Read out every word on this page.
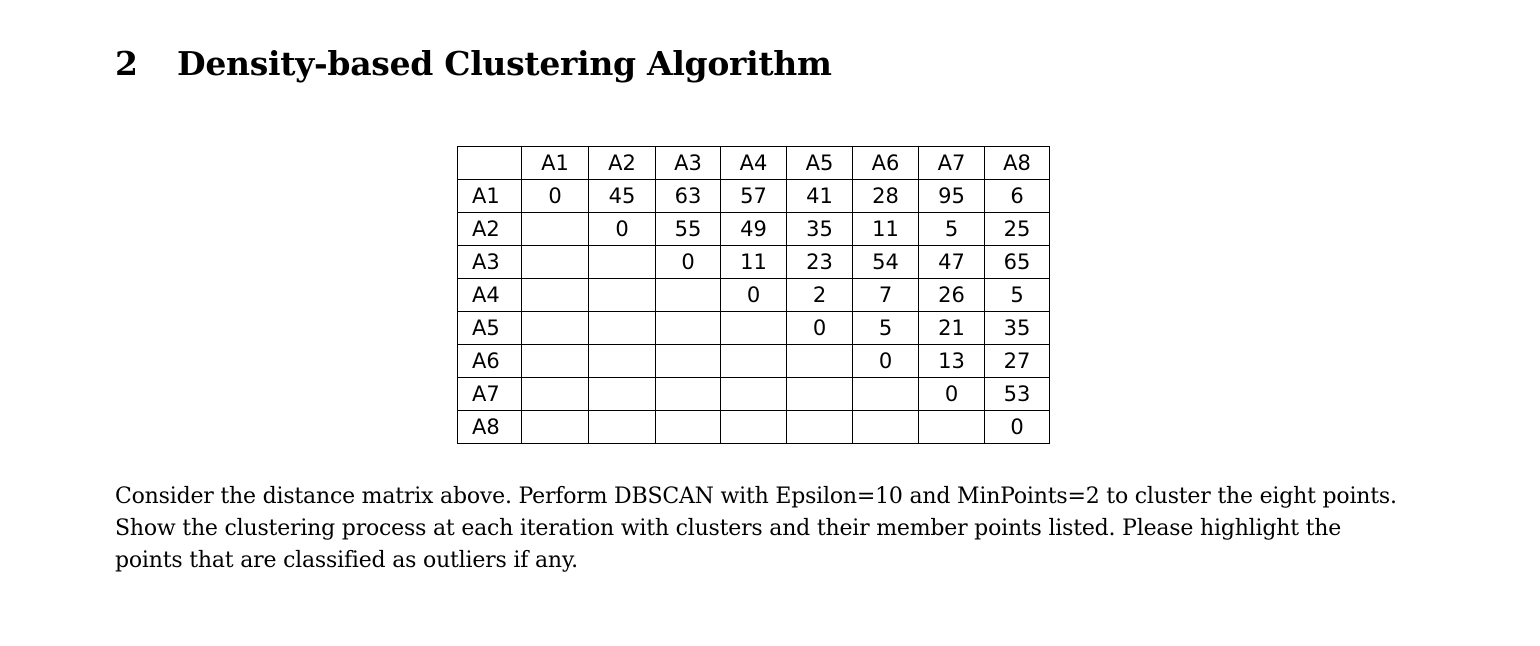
2 Density-based Clustering Algorithm
	A1	A2	A3	A4	A5	A6	A7	A8
A1	0	45	63	57	41	28	95	6
A2		0	55	49	35	11	5	25
A3			0	11	23	54	47	65
A4				0	2	7	26	5
A5					0	5	21	35
A6						0	13	27
A7							0	53
A8								0

Consider the distance matrix above. Perform DBSCAN with Epsilon=10 and MinPoints=2 to cluster the eight points. Show the clustering process at each iteration with clusters and their member points listed. Please highlight the points that are classified as outliers if any.
